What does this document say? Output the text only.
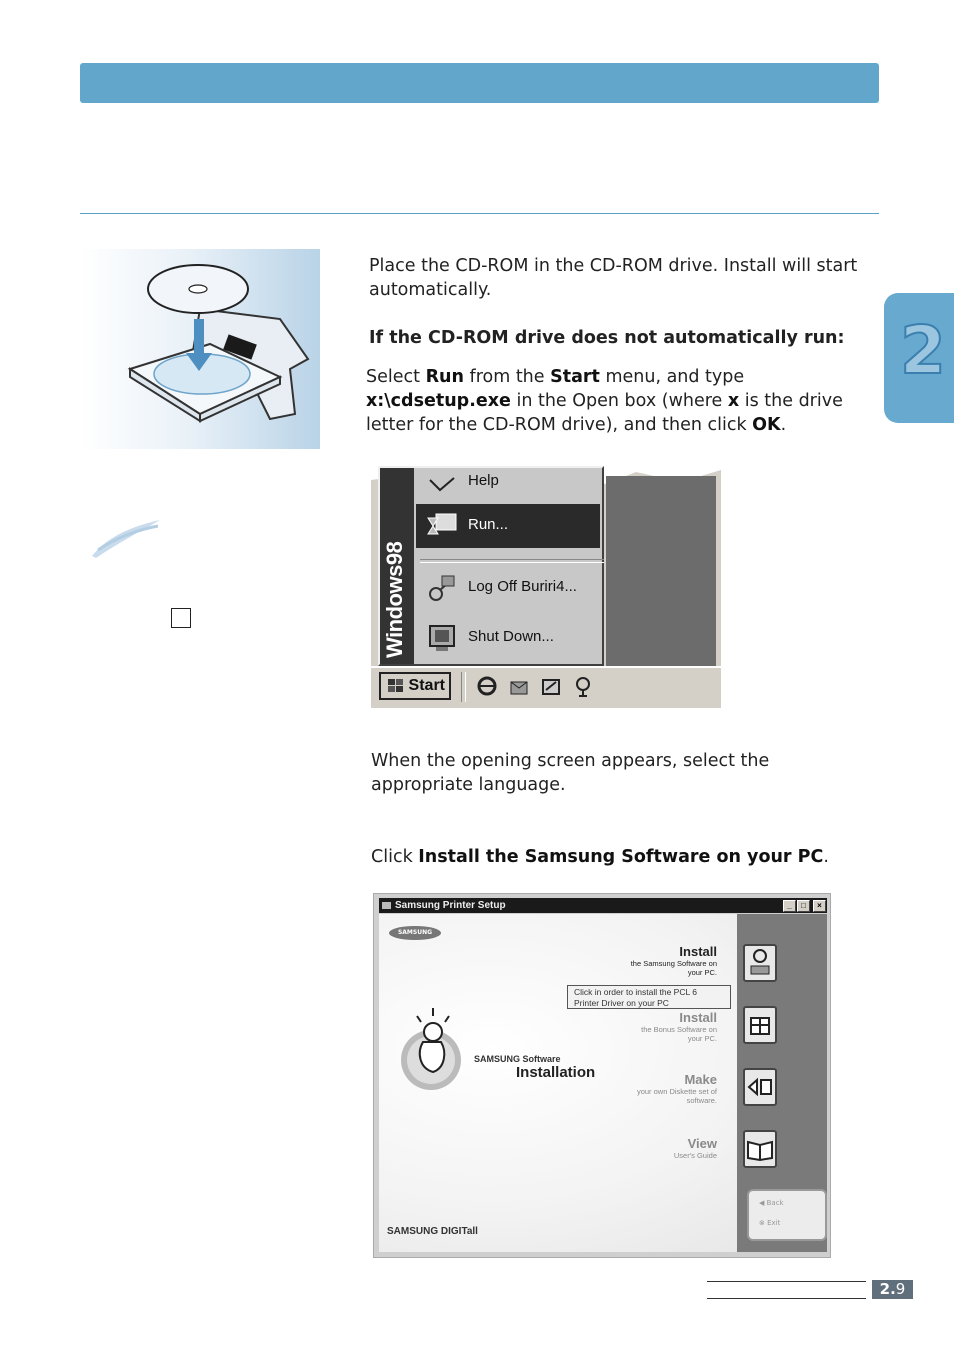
2
Place the CD-ROM in the CD-ROM drive. Install will start automatically.
If the CD-ROM drive does not automatically run:
Select Run from the Start menu, and type x:\cdsetup.exe in the Open box (where x is the drive letter for the CD-ROM drive), and then click OK.
Windows98
Help
Run...
Log Off Buriri4...
Shut Down...
Start
When the opening screen appears, select the appropriate language.
Click Install the Samsung Software on your PC.
Samsung Printer Setup	_	□	×
SAMSUNG
SAMSUNG Software
Installation
Install
the Samsung Software on your PC.
Click in order to install the PCL 6 Printer Driver on your PC
Install
the Bonus Software on your PC.
Make
your own Diskette set of software.
View
User's Guide
◀ Back
⊗ Exit
SAMSUNG DIGITall
2.9
